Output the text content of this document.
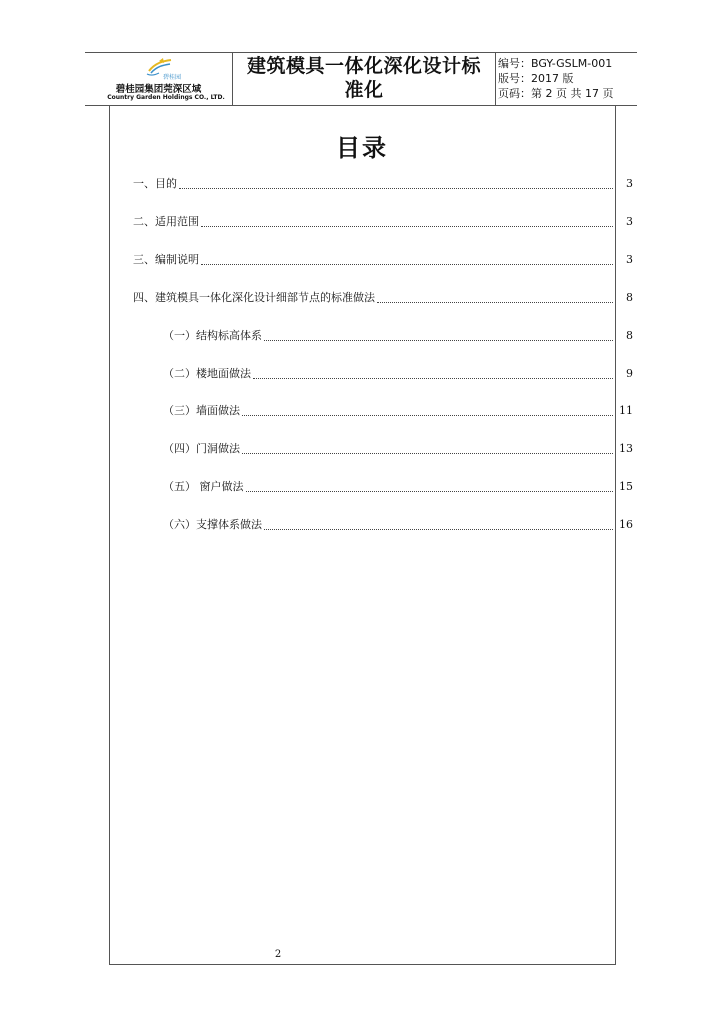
碧桂园
碧桂园集团莞深区域
Country Garden Holdings CO., LTD.
建筑模具一体化深化设计标
准化
编号：BGY-GSLM-001
版号：2017 版
页码：第 2 页 共 17 页
目录
一、目的	3
二、适用范围	3
三、编制说明	3
四、建筑模具一体化深化设计细部节点的标准做法	8
（一）结构标高体系	8
（二）楼地面做法	9
（三）墙面做法	11
（四）门洞做法	13
（五） 窗户做法	15
（六）支撑体系做法	16
2
